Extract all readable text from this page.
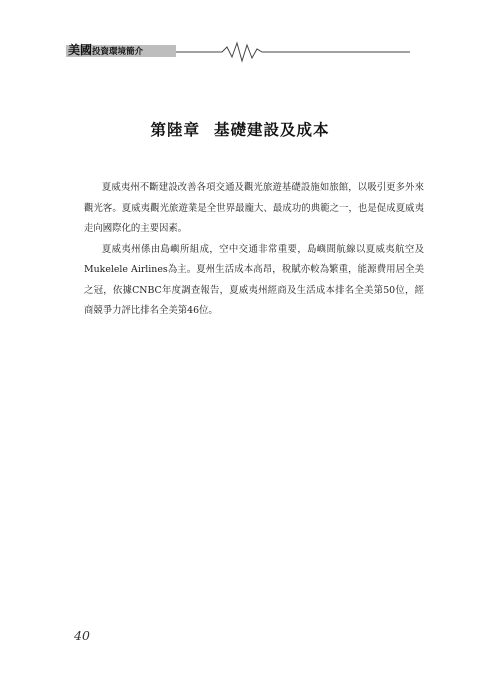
美國投資環境簡介
第陸章 基礎建設及成本

夏威夷州不斷建設改善各項交通及觀光旅遊基礎設施如旅館，以吸引更多外來觀光客。夏威夷觀光旅遊業是全世界最龐大、最成功的典範之一，也是促成夏威夷走向國際化的主要因素。

夏威夷州係由島嶼所組成，空中交通非常重要，島嶼間航線以夏威夷航空及Mukelele Airlines為主。夏州生活成本高昂，稅賦亦較為繁重，能源費用居全美之冠，依據CNBC年度調查報告，夏威夷州經商及生活成本排名全美第50位，經商競爭力評比排名全美第46位。

40
